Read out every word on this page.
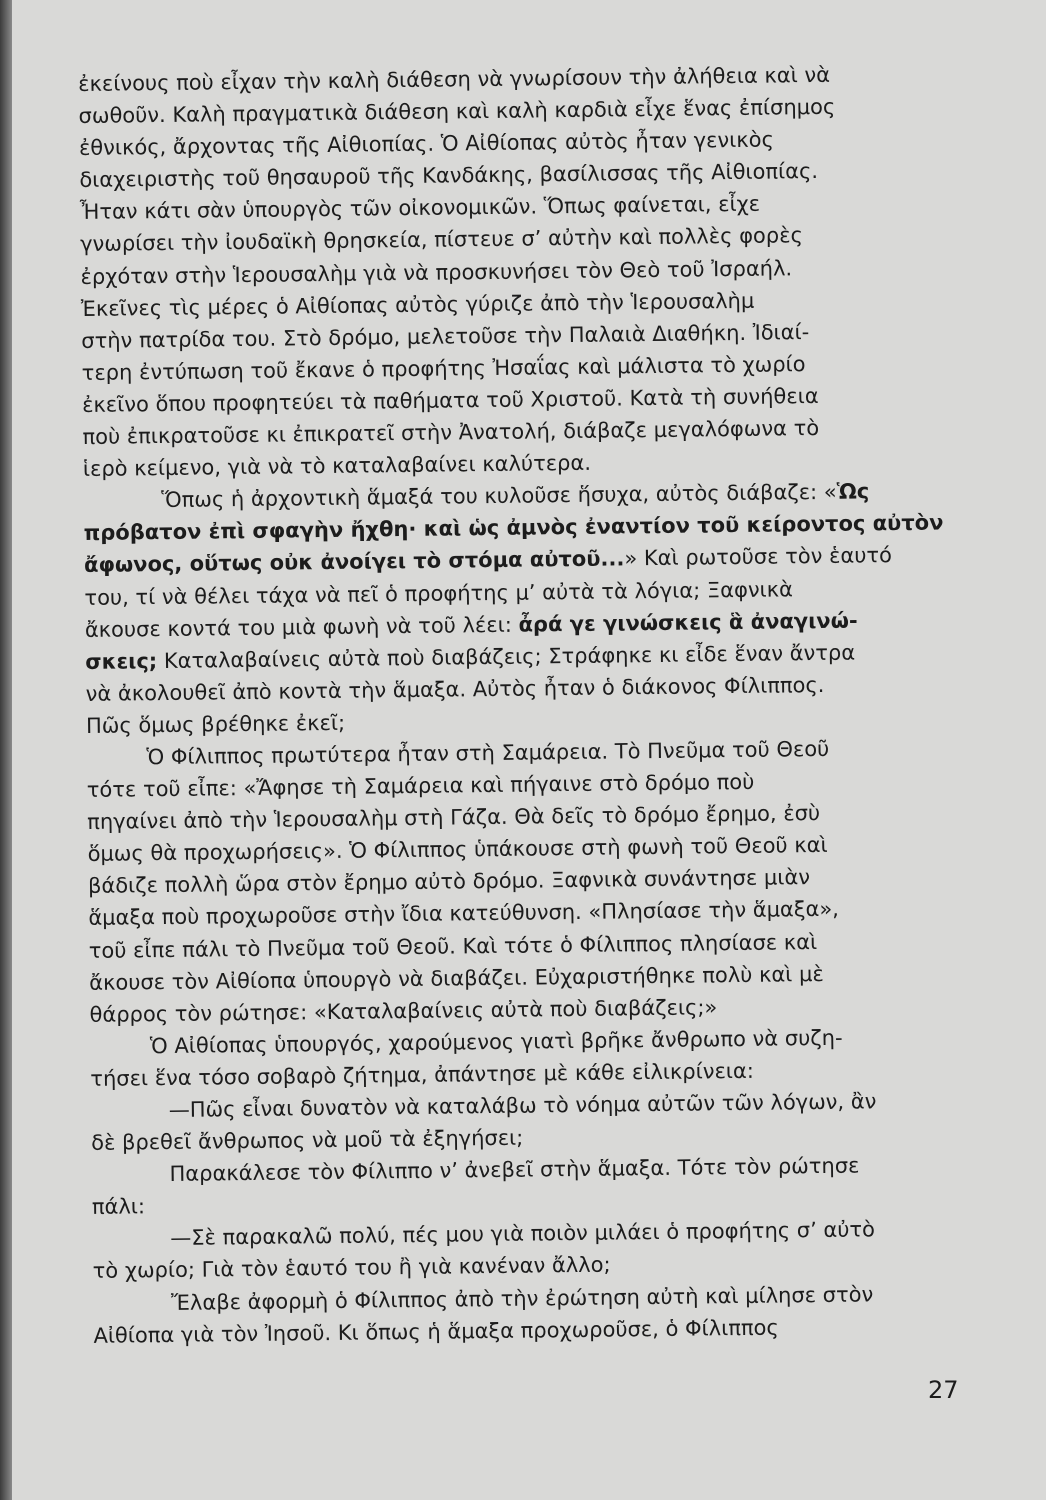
ἐκείνους ποὺ εἶχαν τὴν καλὴ διάθεση νὰ γνωρίσουν τὴν ἀλήθεια καὶ νὰ
σωθοῦν. Καλὴ πραγματικὰ διάθεση καὶ καλὴ καρδιὰ εἶχε ἕνας ἐπίσημος
ἐθνικός, ἄρχοντας τῆς Αἰθιοπίας. Ὁ Αἰθίοπας αὐτὸς ἦταν γενικὸς
διαχειριστὴς τοῦ θησαυροῦ τῆς Κανδάκης, βασίλισσας τῆς Αἰθιοπίας.
Ἦταν κάτι σὰν ὑπουργὸς τῶν οἰκονομικῶν. Ὅπως φαίνεται, εἶχε
γνωρίσει τὴν ἰουδαϊκὴ θρησκεία, πίστευε σ’ αὐτὴν καὶ πολλὲς φορὲς
ἐρχόταν στὴν Ἱερουσαλὴμ γιὰ νὰ προσκυνήσει τὸν Θεὸ τοῦ Ἰσραήλ.
Ἐκεῖνες τὶς μέρες ὁ Αἰθίοπας αὐτὸς γύριζε ἀπὸ τὴν Ἱερουσαλὴμ
στὴν πατρίδα του. Στὸ δρόμο, μελετοῦσε τὴν Παλαιὰ Διαθήκη. Ἰδιαί-
τερη ἐντύπωση τοῦ ἔκανε ὁ προφήτης Ἠσαΐας καὶ μάλιστα τὸ χωρίο
ἐκεῖνο ὅπου προφητεύει τὰ παθήματα τοῦ Χριστοῦ. Κατὰ τὴ συνήθεια
ποὺ ἐπικρατοῦσε κι ἐπικρατεῖ στὴν Ἀνατολή, διάβαζε μεγαλόφωνα τὸ
ἱερὸ κείμενο, γιὰ νὰ τὸ καταλαβαίνει καλύτερα.
Ὅπως ἡ ἀρχοντικὴ ἅμαξά του κυλοῦσε ἥσυχα, αὐτὸς διάβαζε: «Ὡς
πρόβατον ἐπὶ σφαγὴν ἤχθη· καὶ ὡς ἀμνὸς ἐναντίον τοῦ κείροντος αὐτὸν
ἄφωνος, οὕτως οὐκ ἀνοίγει τὸ στόμα αὐτοῦ...» Καὶ ρωτοῦσε τὸν ἑαυτό
του, τί νὰ θέλει τάχα νὰ πεῖ ὁ προφήτης μ’ αὐτὰ τὰ λόγια; Ξαφνικὰ
ἄκουσε κοντά του μιὰ φωνὴ νὰ τοῦ λέει: ἆρά γε γινώσκεις ἃ ἀναγινώ-
σκεις; Καταλαβαίνεις αὐτὰ ποὺ διαβάζεις; Στράφηκε κι εἶδε ἕναν ἄντρα
νὰ ἀκολουθεῖ ἀπὸ κοντὰ τὴν ἅμαξα. Αὐτὸς ἦταν ὁ διάκονος Φίλιππος.
Πῶς ὅμως βρέθηκε ἐκεῖ;
Ὁ Φίλιππος πρωτύτερα ἦταν στὴ Σαμάρεια. Τὸ Πνεῦμα τοῦ Θεοῦ
τότε τοῦ εἶπε: «Ἄφησε τὴ Σαμάρεια καὶ πήγαινε στὸ δρόμο ποὺ
πηγαίνει ἀπὸ τὴν Ἱερουσαλὴμ στὴ Γάζα. Θὰ δεῖς τὸ δρόμο ἔρημο, ἐσὺ
ὅμως θὰ προχωρήσεις». Ὁ Φίλιππος ὑπάκουσε στὴ φωνὴ τοῦ Θεοῦ καὶ
βάδιζε πολλὴ ὥρα στὸν ἔρημο αὐτὸ δρόμο. Ξαφνικὰ συνάντησε μιὰν
ἅμαξα ποὺ προχωροῦσε στὴν ἴδια κατεύθυνση. «Πλησίασε τὴν ἅμαξα»,
τοῦ εἶπε πάλι τὸ Πνεῦμα τοῦ Θεοῦ. Καὶ τότε ὁ Φίλιππος πλησίασε καὶ
ἄκουσε τὸν Αἰθίοπα ὑπουργὸ νὰ διαβάζει. Εὐχαριστήθηκε πολὺ καὶ μὲ
θάρρος τὸν ρώτησε: «Καταλαβαίνεις αὐτὰ ποὺ διαβάζεις;»
Ὁ Αἰθίοπας ὑπουργός, χαρούμενος γιατὶ βρῆκε ἄνθρωπο νὰ συζη-
τήσει ἕνα τόσο σοβαρὸ ζήτημα, ἀπάντησε μὲ κάθε εἰλικρίνεια:
—Πῶς εἶναι δυνατὸν νὰ καταλάβω τὸ νόημα αὐτῶν τῶν λόγων, ἂν
δὲ βρεθεῖ ἄνθρωπος νὰ μοῦ τὰ ἐξηγήσει;
Παρακάλεσε τὸν Φίλιππο ν’ ἀνεβεῖ στὴν ἅμαξα. Τότε τὸν ρώτησε
πάλι:
—Σὲ παρακαλῶ πολύ, πές μου γιὰ ποιὸν μιλάει ὁ προφήτης σ’ αὐτὸ
τὸ χωρίο; Γιὰ τὸν ἑαυτό του ἢ γιὰ κανέναν ἄλλο;
Ἔλαβε ἀφορμὴ ὁ Φίλιππος ἀπὸ τὴν ἐρώτηση αὐτὴ καὶ μίλησε στὸν
Αἰθίοπα γιὰ τὸν Ἰησοῦ. Κι ὅπως ἡ ἅμαξα προχωροῦσε, ὁ Φίλιππος
27
